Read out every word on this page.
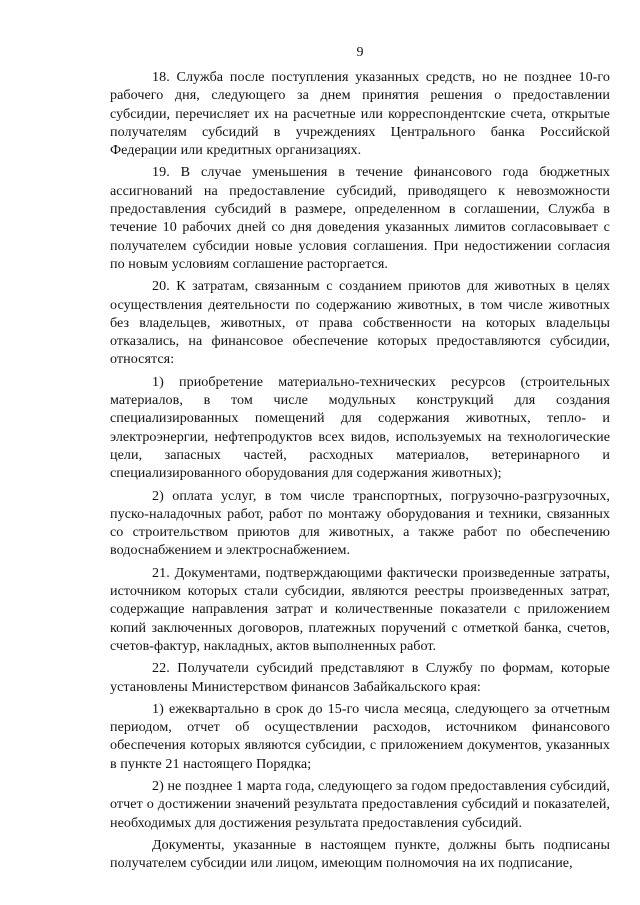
9

18. Служба после поступления указанных средств, но не позднее 10-го рабочего дня, следующего за днем принятия решения о предоставлении субсидии, перечисляет их на расчетные или корреспондентские счета, открытые получателям субсидий в учреждениях Центрального банка Российской Федерации или кредитных организациях.

19. В случае уменьшения в течение финансового года бюджетных ассигнований на предоставление субсидий, приводящего к невозможности предоставления субсидий в размере, определенном в соглашении, Служба в течение 10 рабочих дней со дня доведения указанных лимитов согласовывает с получателем субсидии новые условия соглашения. При недостижении согласия по новым условиям соглашение расторгается.

20. К затратам, связанным с созданием приютов для животных в целях осуществления деятельности по содержанию животных, в том числе животных без владельцев, животных, от права собственности на которых владельцы отказались, на финансовое обеспечение которых предоставляются субсидии, относятся:

1) приобретение материально-технических ресурсов (строительных материалов, в том числе модульных конструкций для создания специализированных помещений для содержания животных, тепло- и электроэнергии, нефтепродуктов всех видов, используемых на технологические цели, запасных частей, расходных материалов, ветеринарного и специализированного оборудования для содержания животных);

2) оплата услуг, в том числе транспортных, погрузочно-разгрузочных, пуско-наладочных работ, работ по монтажу оборудования и техники, связанных со строительством приютов для животных, а также работ по обеспечению водоснабжением и электроснабжением.

21. Документами, подтверждающими фактически произведенные затраты, источником которых стали субсидии, являются реестры произведенных затрат, содержащие направления затрат и количественные показатели с приложением копий заключенных договоров, платежных поручений с отметкой банка, счетов, счетов-фактур, накладных, актов выполненных работ.

22. Получатели субсидий представляют в Службу по формам, которые установлены Министерством финансов Забайкальского края:

1) ежеквартально в срок до 15-го числа месяца, следующего за отчетным периодом, отчет об осуществлении расходов, источником финансового обеспечения которых являются субсидии, с приложением документов, указанных в пункте 21 настоящего Порядка;

2) не позднее 1 марта года, следующего за годом предоставления субсидий, отчет о достижении значений результата предоставления субсидий и показателей, необходимых для достижения результата предоставления субсидий.

Документы, указанные в настоящем пункте, должны быть подписаны получателем субсидии или лицом, имеющим полномочия на их подписание,
